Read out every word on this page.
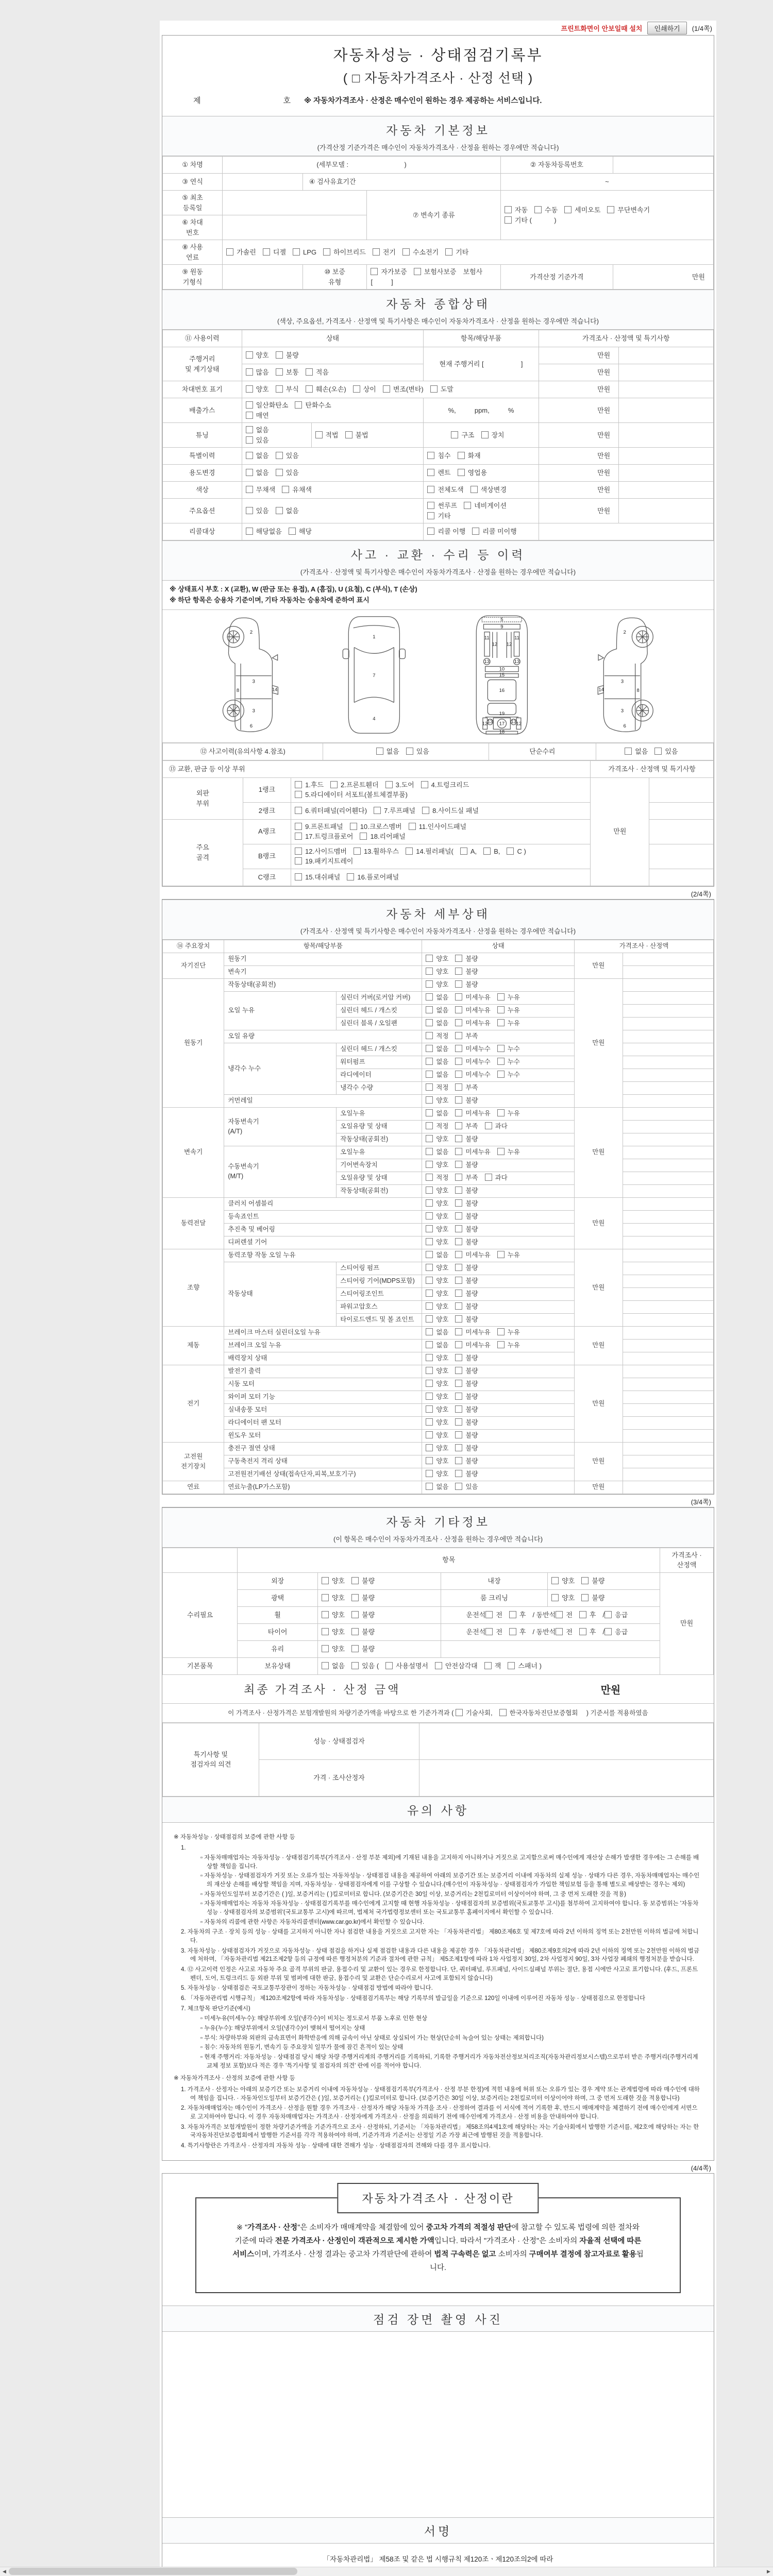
프린트화면이 안보일때 설치	인쇄하기	(1/4쪽)
자동차성능 · 상태점검기록부
( □ 자동차가격조사 · 산정 선택 )
제	호 ※ 자동차가격조사 · 산정은 매수인이 원하는 경우 제공하는 서비스입니다.
자동차 기본정보
(가격산정 기준가격은 매수인이 자동차가격조사 · 산정을 원하는 경우에만 적습니다)
① 차명	(세부모델 :                              )			② 자동차등록번호	
③ 연식		④ 검사유효기간		~	
⑤ 최초
등록일			⑦ 변속기 종류	자동 수동 세미오토 무단변속기
기타 (            )	
⑥ 차대
번호					
⑧ 사용
연료	가솔린 디젤 LPG 하이브리드 전기 수소전기 기타				
⑨ 원동
기형식		⑩ 보증
유형	자가보증 보험사보증 보험사[          ]	가격산정 기준가격	만원
자동차 종합상태
(색상, 주요옵션, 가격조사 · 산정액 및 특기사항은 매수인이 자동차가격조사 · 산정을 원하는 경우에만 적습니다)
⑪ 사용이력	상태		항목/해당부품	가격조사 · 산정액 및 특기사항	
주행거리
및 계기상태	양호 불량		현재 주행거리 [                    ]	만원	
	많음 보통 적음			만원	
차대번호 표기	양호 부식 훼손(오손) 상이 변조(변타) 도말			만원	
배출가스	일산화탄소 탄화수소
매연		%,          ppm,          %	만원	
튜닝	없음
있음	적법 불법	구조 장치	만원	
특별이력	없음 있음		침수 화재	만원	
용도변경	없음 있음		렌트 영업용	만원	
색상	무채색 유채색		전체도색 색상변경	만원	
주요옵션	있음 없음		썬루프 네비게이션기타	만원	
리콜대상	해당없음 해당		리콜 이행 리콜 미이행		
사고 · 교환 · 수리 등 이력
(가격조사 · 산정액 및 특기사항은 매수인이 자동차가격조사 · 산정을 원하는 경우에만 적습니다)
※ 상태표시 부호 : X (교환), W (판금 또는 용접), A (흠집), U (요철), C (부식), T (손상)
※ 하단 항목은 승용차 기준이며, 기타 자동차는 승용차에 준하여 표시
2
3
8	14
3
6
1
7
4
5
9
11
12 12
11
13	13
10
15
16
19
13	13
17
12	12
18
2
3
8
14
3
6
⑫ 사고이력(유의사항 4.참조)	없음	있음	단순수리	없음	있음
⑬ 교환, 판금 등 이상 부위			가격조사 · 산정액 및 특기사항	
외판
부위	1랭크	1.후드 2.프론트휀더 3.도어 4.트렁크리드
5.라디에이터 서포트(볼트체결부품)	만원	
	2랭크	6.쿼터패널(리어휀다) 7.루프패널 8.사이드실 패널		
주요
골격	A랭크	9.프론트패널 10.크로스멤버 11.인사이드패널
17.트렁크플로어 18.리어패널		
	B랭크	12.사이드멤버 13.휠하우스 14.필러패널( A, B, C )
19.패키지트레이		
	C랭크	15.대쉬패널 16.플로어패널		
(2/4쪽)
자동차 세부상태
(가격조사 · 산정액 및 특기사항은 매수인이 자동차가격조사 · 산정을 원하는 경우에만 적습니다)
⑭ 주요장치	항목/해당부품		상태	가격조사 · 산정액	
자기진단	원동기		양호 불량	만원	
	변속기		양호 불량		
원동기	작동상태(공회전)		양호 불량	만원	
	오일 누유	실린더 커버(로커암 커버)	없음 미세누유 누유		
		실린더 헤드 / 개스킷	없음 미세누유 누유		
		실린더 블록 / 오일팬	없음 미세누유 누유		
	오일 유량		적정 부족		
	냉각수 누수	실린더 헤드 / 개스킷	없음 미세누수 누수		
		워터펌프	없음 미세누수 누수		
		라디에이터	없음 미세누수 누수		
		냉각수 수량	적정 부족		
	커먼레일		양호 불량		
변속기	자동변속기
(A/T)	오일누유	없음 미세누유 누유	만원	
		오일유량 및 상태	적정 부족 과다		
		작동상태(공회전)	양호 불량		
	수동변속기
(M/T)	오일누유	없음 미세누유 누유		
		기어변속장치	양호 불량		
		오일유량 및 상태	적정 부족 과다		
		작동상태(공회전)	양호 불량		
동력전달	클러치 어셈블리		양호 불량	만원	
	등속죠인트		양호 불량		
	추진축 및 베어링		양호 불량		
	디퍼렌셜 기어		양호 불량		
조향	동력조향 작동 오일 누유		없음 미세누유 누유	만원	
	작동상태	스티어링 펌프	양호 불량		
		스티어링 기어(MDPS포함)	양호 불량		
		스티어링조인트	양호 불량		
		파워고압호스	양호 불량		
		타이로드엔드 및 볼 죠인트	양호 불량		
제동	브레이크 마스터 실린더오일 누유		없음 미세누유 누유	만원	
	브레이크 오일 누유		없음 미세누유 누유		
	배력장치 상태		양호 불량		
전기	발전기 출력		양호 불량	만원	
	시동 모터		양호 불량		
	와이퍼 모터 기능		양호 불량		
	실내송풍 모터		양호 불량		
	라디에이터 팬 모터		양호 불량		
	윈도우 모터		양호 불량		
고전원
전기장치	충전구 절연 상태		양호 불량	만원	
	구동축전지 격리 상태		양호 불량		
	고전원전기배선 상태(접속단자,피복,보호기구)		양호 불량		
연료	연료누출(LP가스포함)		없음 있음	만원	
(3/4쪽)
자동차 기타정보
(이 항목은 매수인이 자동차가격조사 · 산정을 원하는 경우에만 적습니다)
	항목				가격조사 · 산정액
수리필요	외장	양호 불량	내장	양호 불량	만원
	광택	양호 불량	룸 크리닝	양호 불량	
	휠	양호 불량	운전석 전 후 / 동반석 전 후 / 응급		
	타이어	양호 불량	운전석 전 후 / 동반석 전 후 / 응급		
	유리	양호 불량			
기본품목	보유상태	없음 있음 ( 사용설명서 안전삼각대 잭 스패너 )			
최종 가격조사 · 산정 금액	만원
이 가격조사 · 산정가격은 보험개발원의 차량기준가액을 바탕으로 한 기준가격과 ( 기술사회,	한국자동차진단보증협회 ) 기준서를 적용하였음
특기사항 및
점검자의 의견	성능 · 상태점검자	
	가격 · 조사산정자	
유의 사항
※ 자동차성능 · 상태점검의 보증에 관한 사항 등
1.
▫ 자동차매매업자는 자동차성능 · 상태점검기록부(가격조사 · 산정 부분 제외)에 기재된 내용을 고지하지 아니하거나 거짓으로 고지함으로써 매수인에게 재산상 손해가 발생한 경우에는 그 손해를 배상할 책임을 집니다.
▫ 자동차성능 · 상태점검자가 거짓 또는 오류가 있는 자동차성능 · 상태점검 내용을 제공하여 아래의 보증기간 또는 보증거리 이내에 자동차의 실제 성능 · 상태가 다른 경우, 자동차매매업자는 매수인의 재산상 손해를 배상할 책임을 지며, 자동차성능 · 상태점검자에게 이를 구상할 수 있습니다.(매수인이 자동차성능 · 상태점검자가 가입한 책임보험 등을 통해 별도로 배상받는 경우는 제외)
▫ 자동차인도일부터 보증기간은 ( )일, 보증거리는 ( )킬로미터로 합니다. (보증기간은 30일 이상, 보증거리는 2천킬로미터 이상이어야 하며, 그 중 먼저 도래한 것을 적용)
▫ 자동차매매업자는 자동차 자동차성능 · 상태점검기록부를 매수인에게 고지할 때 현행 자동차성능 · 상태점검자의 보증범위(국토교통부 고시)를 첨부하여 고지하여야 합니다. 동 보증범위는 '자동차성능 · 상태점검자의 보증범위'(국토교통부 고시)에 따르며, 법제처 국가법령정보센터 또는 국토교통부 홈페이지에서 확인할 수 있습니다.
▫ 자동차의 리콜에 관한 사항은 자동차리콜센터(www.car.go.kr)에서 확인할 수 있습니다.
2. 자동차의 구조 · 장치 등의 성능 · 상태를 고지하지 아니한 자나 점검한 내용을 거짓으로 고지한 자는 「자동차관리법」 제80조제6호 및 제7호에 따라 2년 이하의 징역 또는 2천만원 이하의 벌금에 처합니다.
3. 자동차성능 · 상태점검자가 거짓으로 자동차성능 · 상태 점검을 하거나 실제 점검한 내용과 다른 내용을 제공한 경우 「자동차관리법」 제80조제9호의2에 따라 2년 이하의 징역 또는 2천만원 이하의 벌금에 처하며, 「자동차관리법 제21조제2항 등의 규정에 따른 행정처분의 기준과 절차에 관한 규칙」 제5조제1항에 따라 1차 사업정지 30일, 2차 사업정지 90일, 3차 사업장 폐쇄의 행정처분을 받습니다.
4. ⑫ 사고이력 인정은 사고로 자동차 주요 골격 부위의 판금, 용접수리 및 교환이 있는 경우로 한정합니다. 단, 쿼터패널, 루프패널, 사이드실패널 부위는 절단, 용접 시에만 사고로 표기합니다. (후드, 프론트펜더, 도어, 트렁크리드 등 외판 부위 및 범퍼에 대한 판금, 용접수리 및 교환은 단순수리로서 사고에 포함되지 않습니다)
5. 자동차성능 · 상태점검은 국토교통부장관이 정하는 자동차성능 · 상태점검 방법에 따라야 합니다.
6. 「자동차관리법 시행규칙」 제120조제2항에 따라 자동차성능 · 상태점검기록부는 해당 기록부의 발급일을 기준으로 120일 이내에 이루어진 자동차 성능 · 상태점검으로 한정합니다
7. 체크항목 판단기준(예시)
▫ 미세누유(미세누수): 해당부위에 오일(냉각수)이 비치는 정도로서 부품 노후로 인한 현상
▫ 누유(누수): 해당부위에서 오일(냉각수)이 맺혀서 떨어지는 상태
▫ 부식: 차량하부와 외판의 금속표면이 화학반응에 의해 금속이 아닌 상태로 상실되어 가는 현상(단순히 녹슬어 있는 상태는 제외합니다)
▫ 침수: 자동차의 원동기, 변속기 등 주요장치 일부가 물에 잠긴 흔적이 있는 상태
▫ 현재 주행거리: 자동차성능 · 상태점검 당시 해당 차량 주행거리계의 주행거리를 기록하되, 기록한 주행거리가 자동차전산정보처리조직(자동차관리정보시스템)으로부터 받은 주행거리(주행거리계 교체 정보 포함)보다 적은 경우 '특기사항 및 점검자의 의견' 란에 이를 적어야 합니다.
※ 자동차가격조사 · 산정의 보증에 관한 사항 등
1. 가격조사 · 산정자는 아래의 보증기간 또는 보증거리 이내에 자동차성능 · 상태점검기록부(가격조사 · 산정 부분 한정)에 적힌 내용에 허위 또는 오류가 있는 경우 계약 또는 관계법령에 따라 매수인에 대하여 책임을 집니다. · 자동차인도일부터 보증기간은 ( )일, 보증거리는 ( )킬로미터로 합니다. (보증기간은 30일 이상, 보증거리는 2천킬로미터 이상이어야 하며, 그 중 먼저 도래한 것을 적용합니다)
2. 자동차매매업자는 매수인이 가격조사 · 산정을 원할 경우 가격조사 · 산정자가 해당 자동차 가격을 조사 · 산정하여 결과를 이 서식에 적어 기록한 후, 반드시 매매계약을 체결하기 전에 매수인에게 서면으로 고지하여야 합니다. 이 경우 자동차매매업자는 가격조사 · 산정자에게 가격조사 · 산정을 의뢰하기 전에 매수인에게 가격조사 · 산정 비용을 안내하여야 합니다.
3. 자동차가격은 보험개발원이 정한 차량기준가액을 기준가격으로 조사 · 산정하되, 기준서는 「자동차관리법」 제58조의4제1호에 해당하는 자는 기술사회에서 발행한 기준서를, 제2호에 해당하는 자는 한국자동차진단보증협회에서 발행한 기준서를 각각 적용하여야 하며, 기준가격과 기준서는 산정일 기준 가장 최근에 발행된 것을 적용합니다.
4. 특기사항란은 가격조사 · 산정자의 자동차 성능 · 상태에 대한 견해가 성능 · 상태점검자의 견해와 다를 경우 표시합니다.
(4/4쪽)
자동차가격조사 · 산정이란
※ "가격조사 · 산정"은 소비자가 매매계약을 체결함에 있어 중고차 가격의 적절성 판단에 참고할 수 있도록 법령에 의한 절차와 기준에 따라 전문 가격조사 · 산정인이 객관적으로 제시한 가액입니다. 따라서 "가격조사 · 산정"은 소비자의 자율적 선택에 따른 서비스이며, 가격조사 · 산정 결과는 중고차 가격판단에 관하여 법적 구속력은 없고 소비자의 구매여부 결정에 참고자료로 활용됩니다.
점검 장면 촬영 사진
서명
「자동차관리법」 제58조 및 같은 법 시행규칙 제120조ㆍ제120조의2에 따라

◀	▶
